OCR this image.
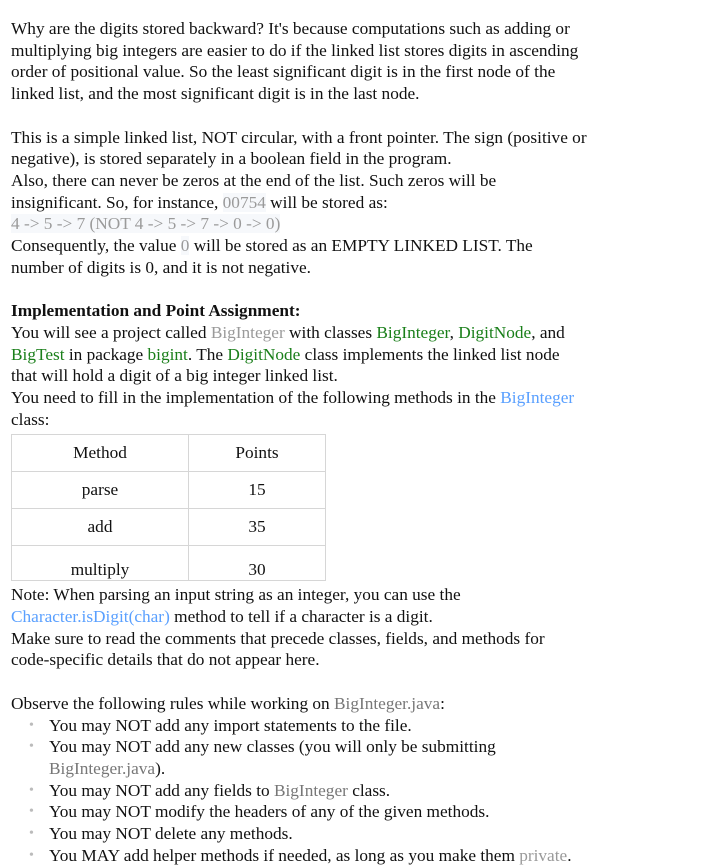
Why are the digits stored backward? It's because computations such as adding or
multiplying big integers are easier to do if the linked list stores digits in ascending
order of positional value. So the least significant digit is in the first node of the
linked list, and the most significant digit is in the last node.

This is a simple linked list, NOT circular, with a front pointer. The sign (positive or
negative), is stored separately in a boolean field in the program.
Also, there can never be zeros at the end of the list. Such zeros will be
insignificant. So, for instance, 00754 will be stored as:
4 -> 5 -> 7 (NOT 4 -> 5 -> 7 -> 0 -> 0)
Consequently, the value 0 will be stored as an EMPTY LINKED LIST. The
number of digits is 0, and it is not negative.

Implementation and Point Assignment:
You will see a project called BigInteger with classes BigInteger, DigitNode, and
BigTest in package bigint. The DigitNode class implements the linked list node
that will hold a digit of a big integer linked list.
You need to fill in the implementation of the following methods in the BigInteger
class:

Method	Points
parse	15
add	35
multiply	30

Note: When parsing an input string as an integer, you can use the
Character.isDigit(char) method to tell if a character is a digit.
Make sure to read the comments that precede classes, fields, and methods for
code-specific details that do not appear here.

Observe the following rules while working on BigInteger.java:

• You may NOT add any import statements to the file.
• You may NOT add any new classes (you will only be submitting
BigInteger.java).
• You may NOT add any fields to BigInteger class.
• You may NOT modify the headers of any of the given methods.
• You may NOT delete any methods.
• You MAY add helper methods if needed, as long as you make them private.
